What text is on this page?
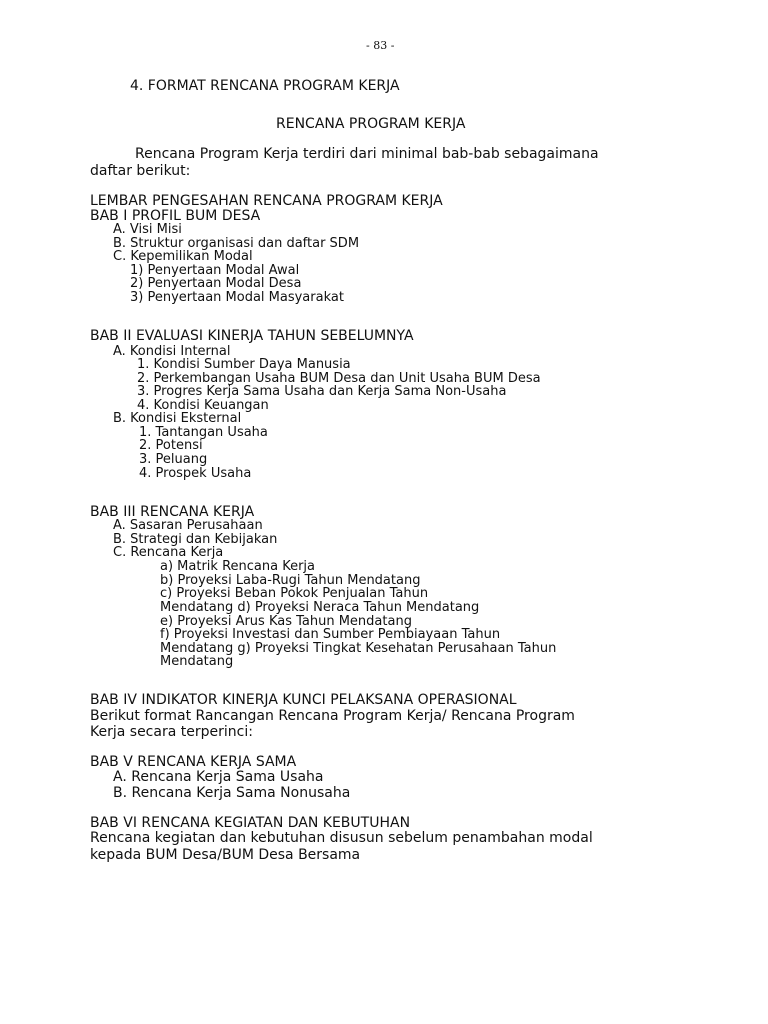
- 83 -
4. FORMAT RENCANA PROGRAM KERJA
RENCANA PROGRAM KERJA
Rencana Program Kerja terdiri dari minimal bab-bab sebagaimana
daftar berikut:
LEMBAR PENGESAHAN RENCANA PROGRAM KERJA
BAB I PROFIL BUM DESA
A. Visi Misi
B. Struktur organisasi dan daftar SDM
C. Kepemilikan Modal
1) Penyertaan Modal Awal
2) Penyertaan Modal Desa
3) Penyertaan Modal Masyarakat
BAB II EVALUASI KINERJA TAHUN SEBELUMNYA
A. Kondisi Internal
1. Kondisi Sumber Daya Manusia
2. Perkembangan Usaha BUM Desa dan Unit Usaha BUM Desa
3. Progres Kerja Sama Usaha dan Kerja Sama Non-Usaha
4. Kondisi Keuangan
B. Kondisi Eksternal
1. Tantangan Usaha
2. Potensi
3. Peluang
4. Prospek Usaha
BAB III RENCANA KERJA
A. Sasaran Perusahaan
B. Strategi dan Kebijakan
C. Rencana Kerja
a) Matrik Rencana Kerja
b) Proyeksi Laba-Rugi Tahun Mendatang
c) Proyeksi Beban Pokok Penjualan Tahun
Mendatang d) Proyeksi Neraca Tahun Mendatang
e) Proyeksi Arus Kas Tahun Mendatang
f) Proyeksi Investasi dan Sumber Pembiayaan Tahun
Mendatang g) Proyeksi Tingkat Kesehatan Perusahaan Tahun
Mendatang
BAB IV INDIKATOR KINERJA KUNCI PELAKSANA OPERASIONAL
Berikut format Rancangan Rencana Program Kerja/ Rencana Program
Kerja secara terperinci:
BAB V RENCANA KERJA SAMA
A. Rencana Kerja Sama Usaha
B. Rencana Kerja Sama Nonusaha
BAB VI RENCANA KEGIATAN DAN KEBUTUHAN
Rencana kegiatan dan kebutuhan disusun sebelum penambahan modal
kepada BUM Desa/BUM Desa Bersama
